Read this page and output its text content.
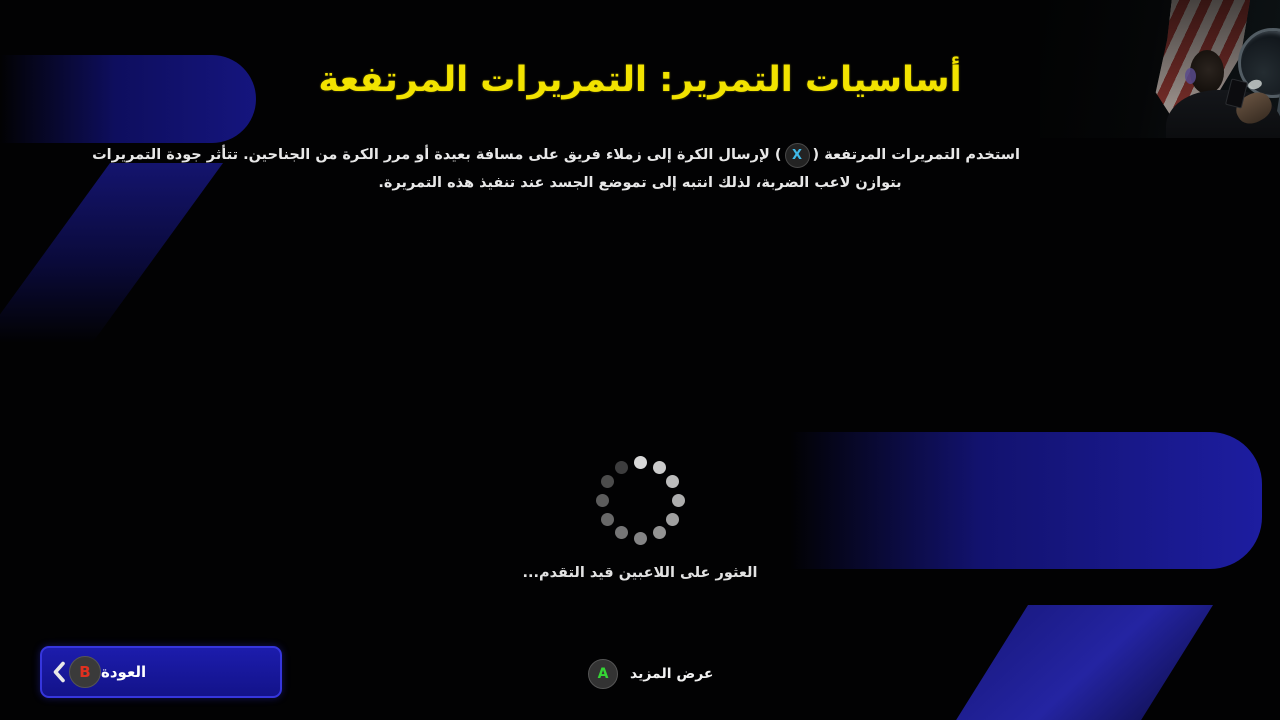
أساسيات التمرير: التمريرات المرتفعة
استخدم التمريرات المرتفعة
( X )
لإرسال الكرة إلى زملاء فريق على مسافة بعيدة أو مرر الكرة من الجناحين. تتأثر جودة التمريرات
بتوازن لاعب الضربة، لذلك انتبه إلى تموضع الجسد عند تنفيذ هذه التمريرة.
العثور على اللاعبين قيد التقدم...
B العودة	A	عرض المزيد
